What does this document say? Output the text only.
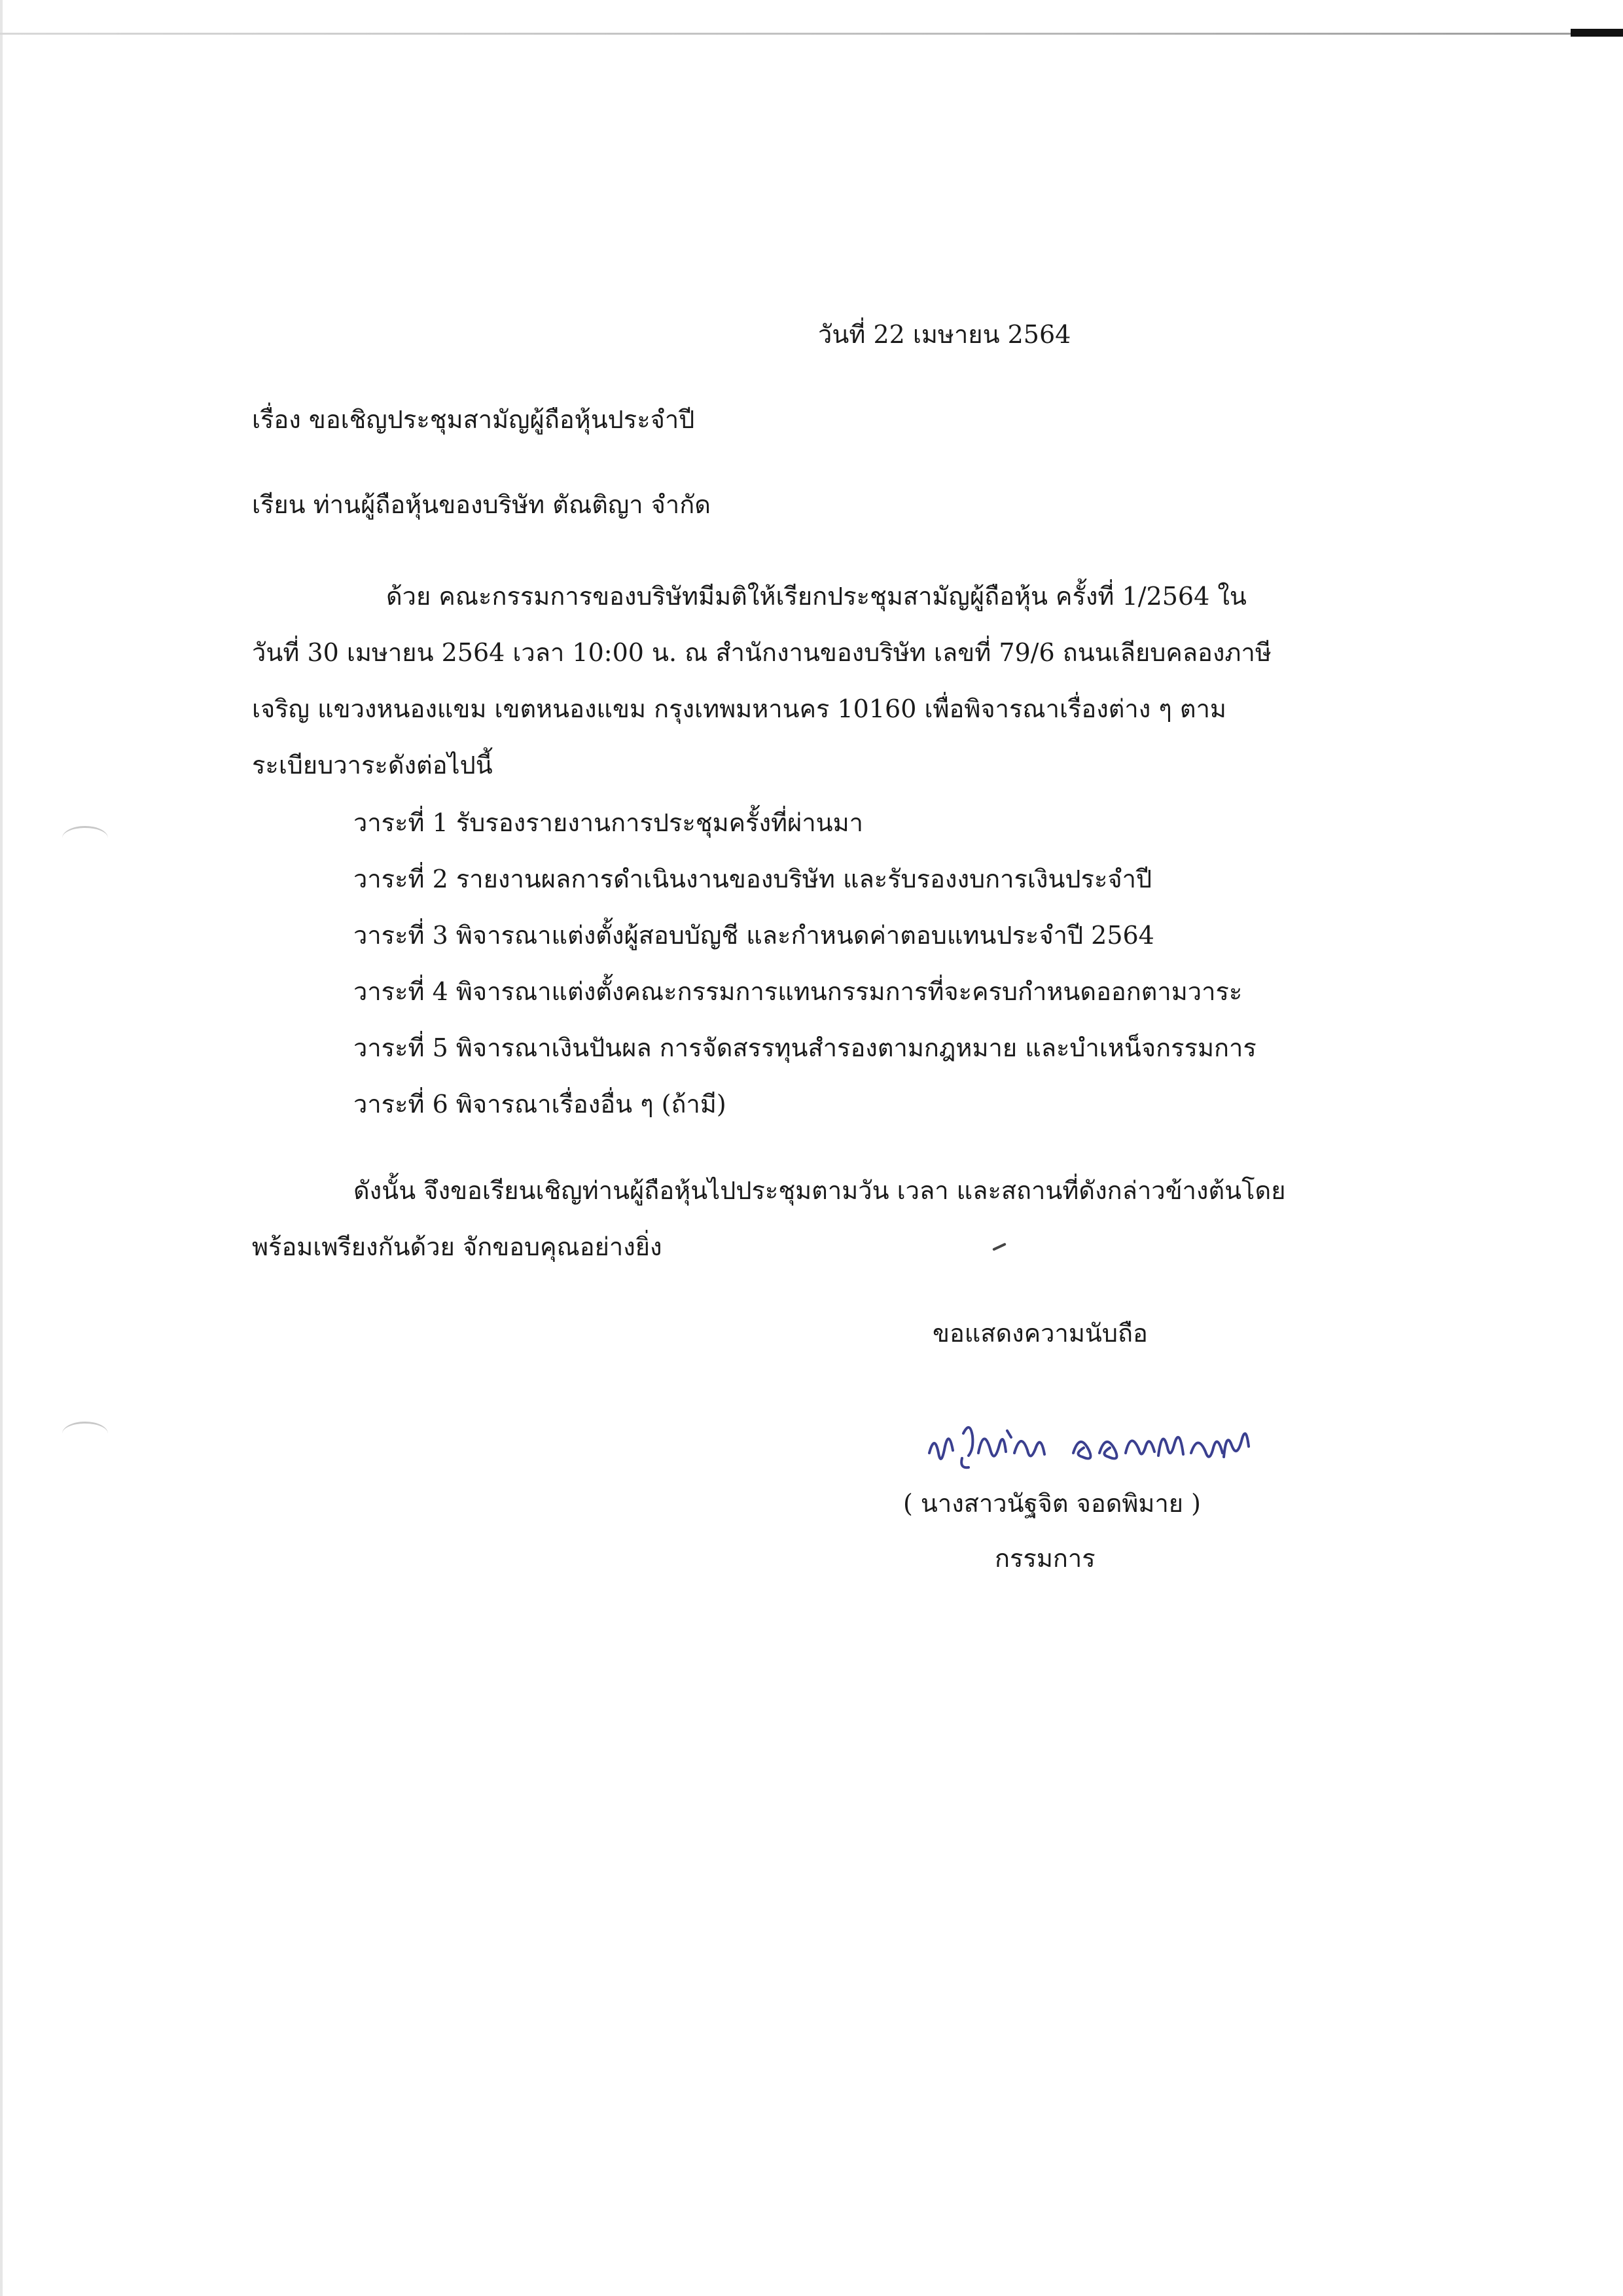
วันที่ 22 เมษายน 2564

เรื่อง ขอเชิญประชุมสามัญผู้ถือหุ้นประจำปี

เรียน ท่านผู้ถือหุ้นของบริษัท ตัณติญา จำกัด

ด้วย คณะกรรมการของบริษัทมีมติให้เรียกประชุมสามัญผู้ถือหุ้น ครั้งที่ 1/2564 ใน

วันที่ 30 เมษายน 2564 เวลา 10:00 น. ณ สำนักงานของบริษัท เลขที่ 79/6 ถนนเลียบคลองภาษี

เจริญ แขวงหนองแขม เขตหนองแขม กรุงเทพมหานคร 10160 เพื่อพิจารณาเรื่องต่าง ๆ ตาม

ระเบียบวาระดังต่อไปนี้

วาระที่ 1 รับรองรายงานการประชุมครั้งที่ผ่านมา

วาระที่ 2 รายงานผลการดำเนินงานของบริษัท และรับรองงบการเงินประจำปี

วาระที่ 3 พิจารณาแต่งตั้งผู้สอบบัญชี และกำหนดค่าตอบแทนประจำปี 2564

วาระที่ 4 พิจารณาแต่งตั้งคณะกรรมการแทนกรรมการที่จะครบกำหนดออกตามวาระ

วาระที่ 5 พิจารณาเงินปันผล การจัดสรรทุนสำรองตามกฎหมาย และบำเหน็จกรรมการ

วาระที่ 6 พิจารณาเรื่องอื่น ๆ (ถ้ามี)

ดังนั้น จึงขอเรียนเชิญท่านผู้ถือหุ้นไปประชุมตามวัน เวลา และสถานที่ดังกล่าวข้างต้นโดย

พร้อมเพรียงกันด้วย จักขอบคุณอย่างยิ่ง

ขอแสดงความนับถือ

( นางสาวนัฐจิต จอดพิมาย )

กรรมการ
